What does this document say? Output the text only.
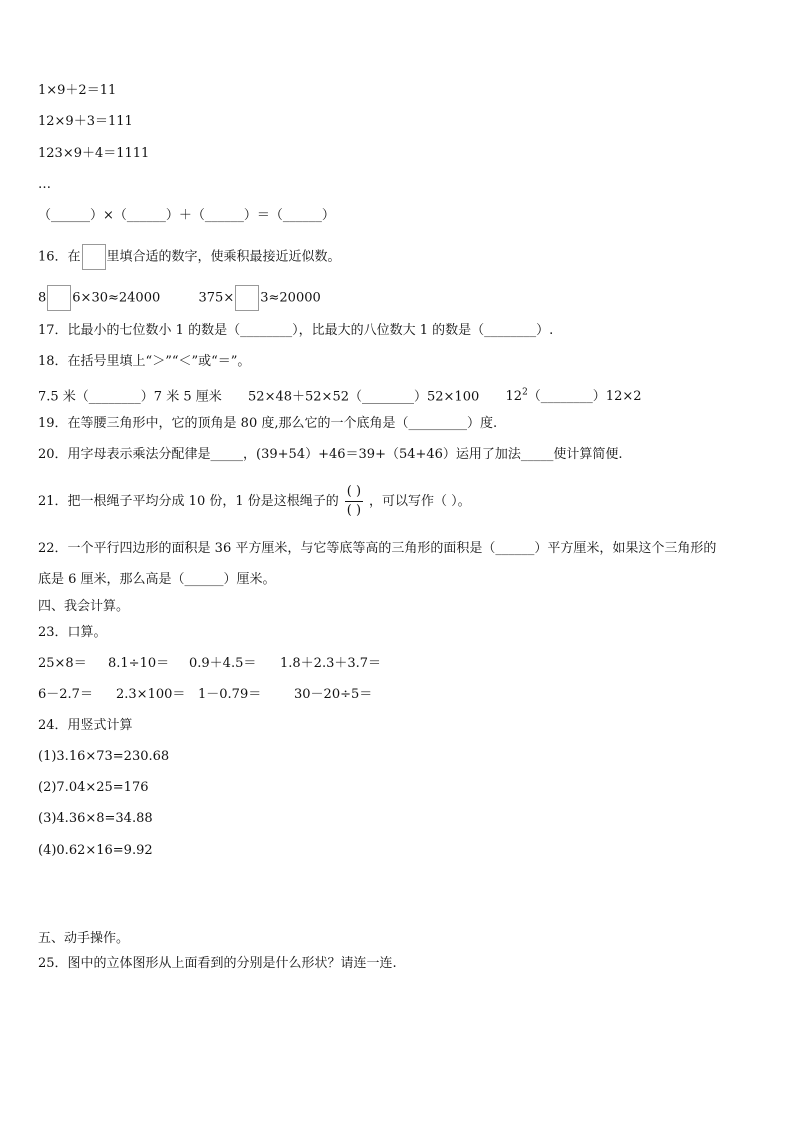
1×9＋2＝11
12×9＋3＝111
123×9＋4＝1111
…
（______）×（______）＋（______）＝（______）
16．在 里填合适的数字，使乘积最接近近似数。
8 6×30≈24000	375× 3≈20000
17．比最小的七位数小 1 的数是（________），比最大的八位数大 1 的数是（________）.
18．在括号里填上“＞”“＜”或“＝”。
7.5 米（________）7 米 5 厘米 52×48＋52×52（________）52×100 $12^2(\_\_\_\_\_\_\_\_)12\times 2$
19．在等腰三角形中，它的顶角是 80 度,那么它的一个底角是（_________）度.
20．用字母表示乘法分配律是_____，(39+54）+46＝39+（54+46）运用了加法_____使计算简便.
21．把一根绳子平均分成 10 份，1 份是这根绳子的 $\frac{( )}{( )}$ ，可以写作（ ）。
22．一个平行四边形的面积是 36 平方厘米，与它等底等高的三角形的面积是（______）平方厘米，如果这个三角形的
底是 6 厘米，那么高是（______）厘米。
四、我会计算。
23．口算。
25×8＝ 8.1÷10＝ 0.9＋4.5＝ 1.8＋2.3＋3.7＝
6－2.7＝ 2.3×100＝ 1－0.79＝	30－20÷5＝
24．用竖式计算
(1)3.16×73=230.68
(2)7.04×25=176
(3)4.36×8=34.88
(4)0.62×16=9.92
五、动手操作。
25．图中的立体图形从上面看到的分别是什么形状？请连一连.
